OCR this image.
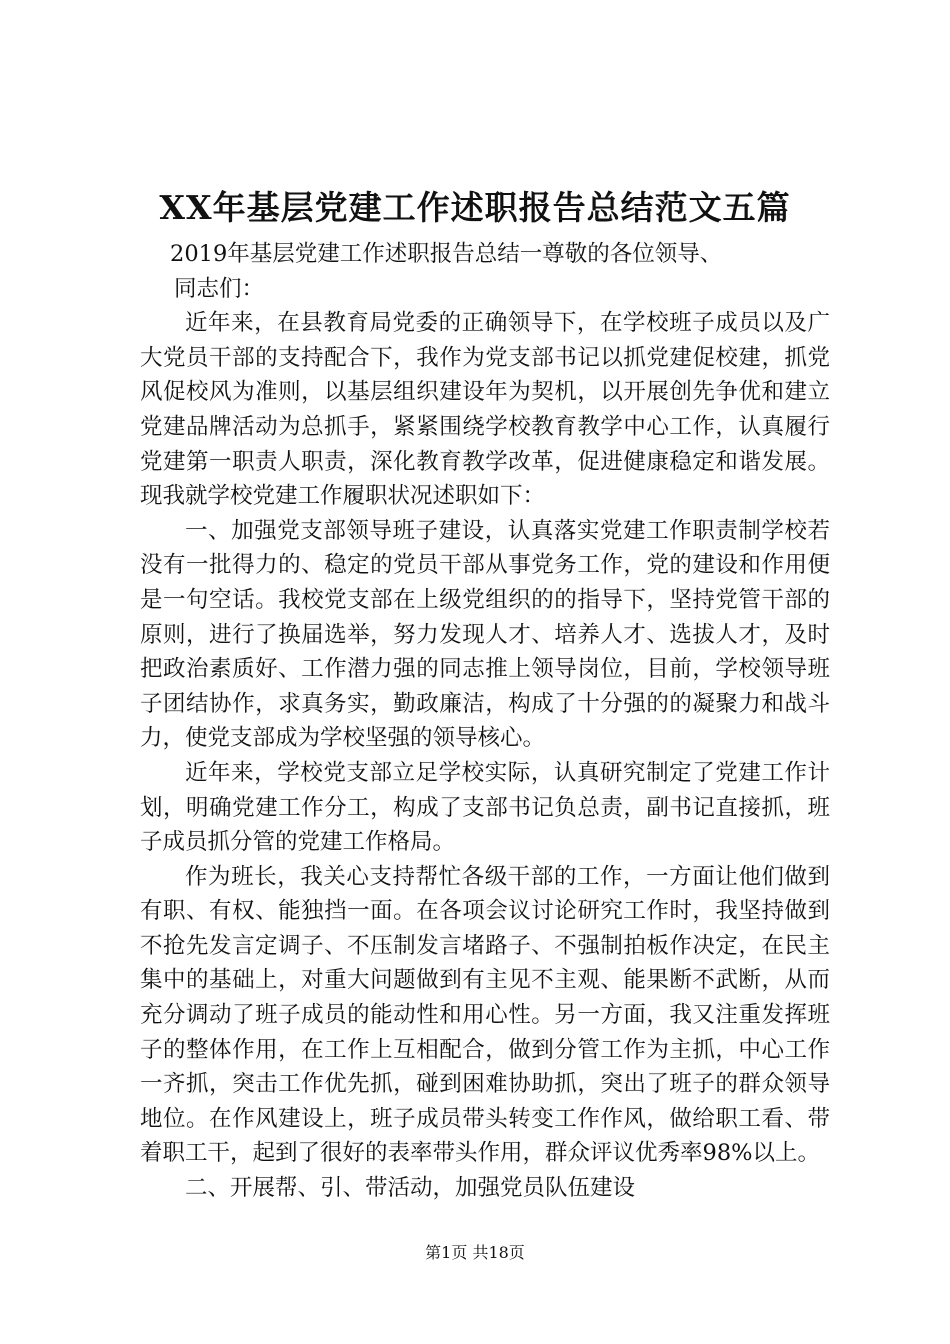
XX年基层党建工作述职报告总结范文五篇

2019年基层党建工作述职报告总结一尊敬的各位领导、

同志们：

近年来，在县教育局党委的正确领导下，在学校班子成员以及广大党员干部的支持配合下，我作为党支部书记以抓党建促校建，抓党风促校风为准则，以基层组织建设年为契机，以开展创先争优和建立党建品牌活动为总抓手，紧紧围绕学校教育教学中心工作，认真履行党建第一职责人职责，深化教育教学改革，促进健康稳定和谐发展。现我就学校党建工作履职状况述职如下：

一、加强党支部领导班子建设，认真落实党建工作职责制学校若没有一批得力的、稳定的党员干部从事党务工作，党的建设和作用便是一句空话。我校党支部在上级党组织的的指导下，坚持党管干部的原则，进行了换届选举，努力发现人才、培养人才、选拔人才，及时把政治素质好、工作潜力强的同志推上领导岗位，目前，学校领导班子团结协作，求真务实，勤政廉洁，构成了十分强的的凝聚力和战斗力，使党支部成为学校坚强的领导核心。

近年来，学校党支部立足学校实际，认真研究制定了党建工作计划，明确党建工作分工，构成了支部书记负总责，副书记直接抓，班子成员抓分管的党建工作格局。

作为班长，我关心支持帮忙各级干部的工作，一方面让他们做到有职、有权、能独挡一面。在各项会议讨论研究工作时，我坚持做到不抢先发言定调子、不压制发言堵路子、不强制拍板作决定，在民主集中的基础上，对重大问题做到有主见不主观、能果断不武断，从而充分调动了班子成员的能动性和用心性。另一方面，我又注重发挥班子的整体作用，在工作上互相配合，做到分管工作为主抓，中心工作一齐抓，突击工作优先抓，碰到困难协助抓，突出了班子的群众领导地位。在作风建设上，班子成员带头转变工作作风，做给职工看、带着职工干，起到了很好的表率带头作用，群众评议优秀率98%以上。

二、开展帮、引、带活动，加强党员队伍建设

第1页 共18页
